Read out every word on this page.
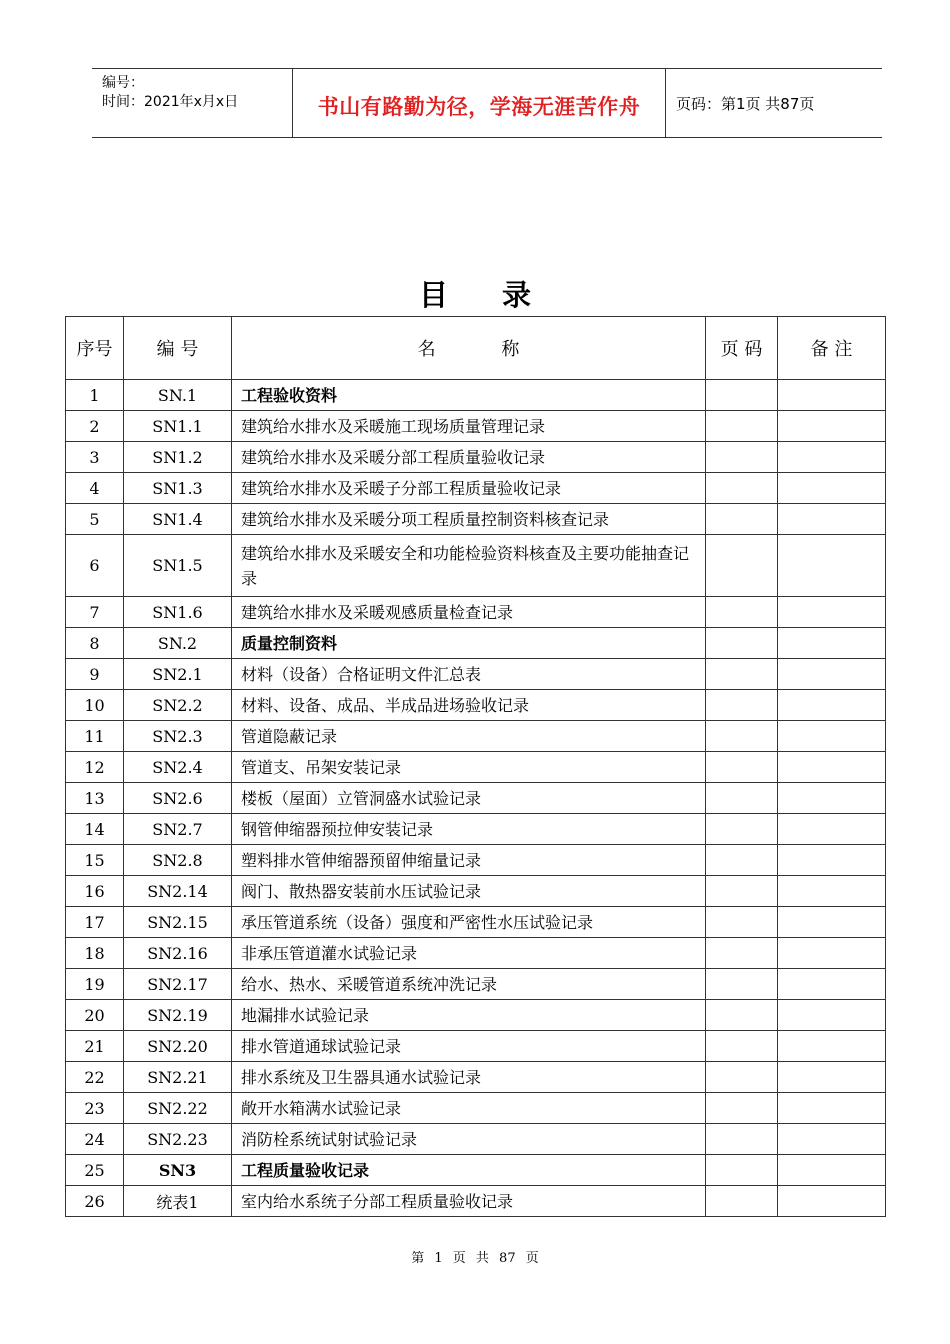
编号：
时间：2021年x月x日	书山有路勤为径，学海无涯苦作舟	页码：第1页 共87页
目 录
序号	编 号	名 称	页 码	备 注
1	SN.1	工程验收资料		
2	SN1.1	建筑给水排水及采暖施工现场质量管理记录		
3	SN1.2	建筑给水排水及采暖分部工程质量验收记录		
4	SN1.3	建筑给水排水及采暖子分部工程质量验收记录		
5	SN1.4	建筑给水排水及采暖分项工程质量控制资料核查记录		
6	SN1.5	建筑给水排水及采暖安全和功能检验资料核查及主要功能抽查记录		
7	SN1.6	建筑给水排水及采暖观感质量检查记录		
8	SN.2	质量控制资料		
9	SN2.1	材料（设备）合格证明文件汇总表		
10	SN2.2	材料、设备、成品、半成品进场验收记录		
11	SN2.3	管道隐蔽记录		
12	SN2.4	管道支、吊架安装记录		
13	SN2.6	楼板（屋面）立管洞盛水试验记录		
14	SN2.7	钢管伸缩器预拉伸安装记录		
15	SN2.8	塑料排水管伸缩器预留伸缩量记录		
16	SN2.14	阀门、散热器安装前水压试验记录		
17	SN2.15	承压管道系统（设备）强度和严密性水压试验记录		
18	SN2.16	非承压管道灌水试验记录		
19	SN2.17	给水、热水、采暖管道系统冲洗记录		
20	SN2.19	地漏排水试验记录		
21	SN2.20	排水管道通球试验记录		
22	SN2.21	排水系统及卫生器具通水试验记录		
23	SN2.22	敞开水箱满水试验记录		
24	SN2.23	消防栓系统试射试验记录		
25	SN3	工程质量验收记录		
26	统表1	室内给水系统子分部工程质量验收记录		
第 1 页 共 87 页
